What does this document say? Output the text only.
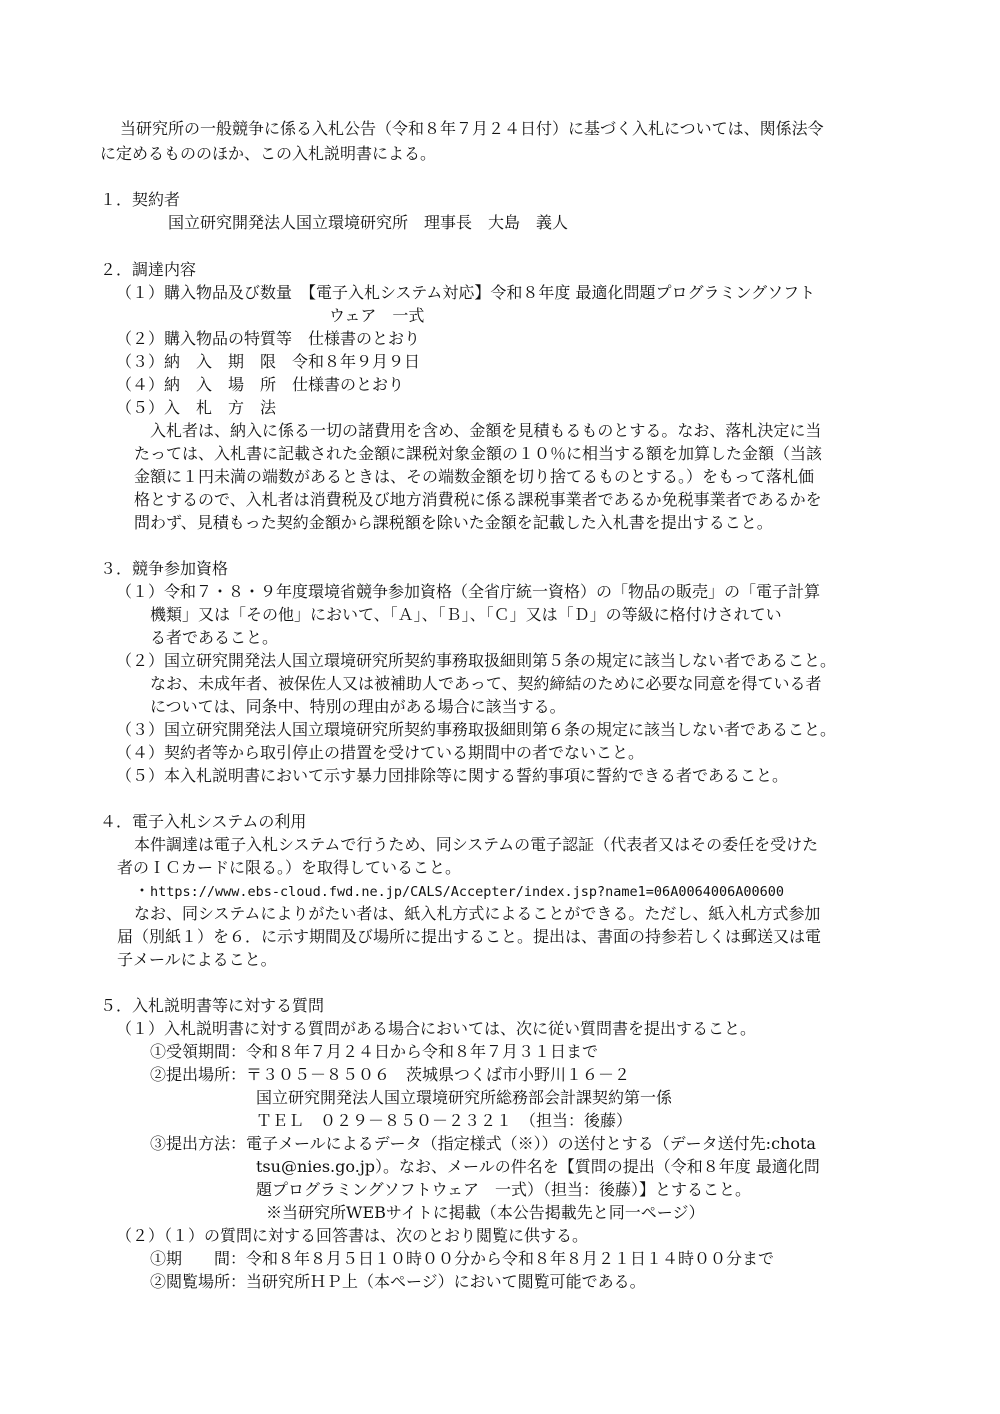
当研究所の一般競争に係る入札公告（令和８年７月２４日付）に基づく入札については、関係法令
に定めるもののほか、この入札説明書による。
１．契約者
国立研究開発法人国立環境研究所　理事長　大島　義人
２．調達内容
（１）購入物品及び数量　【電子入札システム対応】令和８年度 最適化問題プログラミングソフト
ウェア　一式
（２）購入物品の特質等　仕様書のとおり
（３）納　入　期　限　令和８年９月９日
（４）納　入　場　所　仕様書のとおり
（５）入　札　方　法
入札者は、納入に係る一切の諸費用を含め、金額を見積もるものとする。なお、落札決定に当
たっては、入札書に記載された金額に課税対象金額の１０％に相当する額を加算した金額（当該
金額に１円未満の端数があるときは、その端数金額を切り捨てるものとする。）をもって落札価
格とするので、入札者は消費税及び地方消費税に係る課税事業者であるか免税事業者であるかを
問わず、見積もった契約金額から課税額を除いた金額を記載した入札書を提出すること。
３．競争参加資格
（１）令和７・８・９年度環境省競争参加資格（全省庁統一資格）の「物品の販売」の「電子計算
機類」又は「その他」において、「Ａ」、「Ｂ」、「Ｃ」又は「Ｄ」の等級に格付けされてい
る者であること。
（２）国立研究開発法人国立環境研究所契約事務取扱細則第５条の規定に該当しない者であること。
なお、未成年者、被保佐人又は被補助人であって、契約締結のために必要な同意を得ている者
については、同条中、特別の理由がある場合に該当する。
（３）国立研究開発法人国立環境研究所契約事務取扱細則第６条の規定に該当しない者であること。
（４）契約者等から取引停止の措置を受けている期間中の者でないこと。
（５）本入札説明書において示す暴力団排除等に関する誓約事項に誓約できる者であること。
４．電子入札システムの利用
本件調達は電子入札システムで行うため、同システムの電子認証（代表者又はその委任を受けた
者のＩＣカードに限る。）を取得していること。
・https://www.ebs-cloud.fwd.ne.jp/CALS/Accepter/index.jsp?name1=06A0064006A00600
なお、同システムによりがたい者は、紙入札方式によることができる。ただし、紙入札方式参加
届（別紙１）を６．に示す期間及び場所に提出すること。提出は、書面の持参若しくは郵送又は電
子メールによること。
５．入札説明書等に対する質問
（１）入札説明書に対する質問がある場合においては、次に従い質問書を提出すること。
①受領期間：令和８年７月２４日から令和８年７月３１日まで
②提出場所：〒３０５－８５０６　茨城県つくば市小野川１６－２
国立研究開発法人国立環境研究所総務部会計課契約第一係
ＴＥＬ　０２９－８５０－２３２１　（担当：後藤）
③提出方法：電子メールによるデータ（指定様式（※））の送付とする（データ送付先:chota
tsu@nies.go.jp）。なお、メールの件名を【質問の提出（令和８年度 最適化問
題プログラミングソフトウェア　一式）（担当：後藤）】とすること。
※当研究所WEBサイトに掲載（本公告掲載先と同一ページ）
（２）（１）の質問に対する回答書は、次のとおり閲覧に供する。
①期　　間：令和８年８月５日１０時００分から令和８年８月２１日１４時００分まで
②閲覧場所：当研究所ＨＰ上（本ページ）において閲覧可能である。
